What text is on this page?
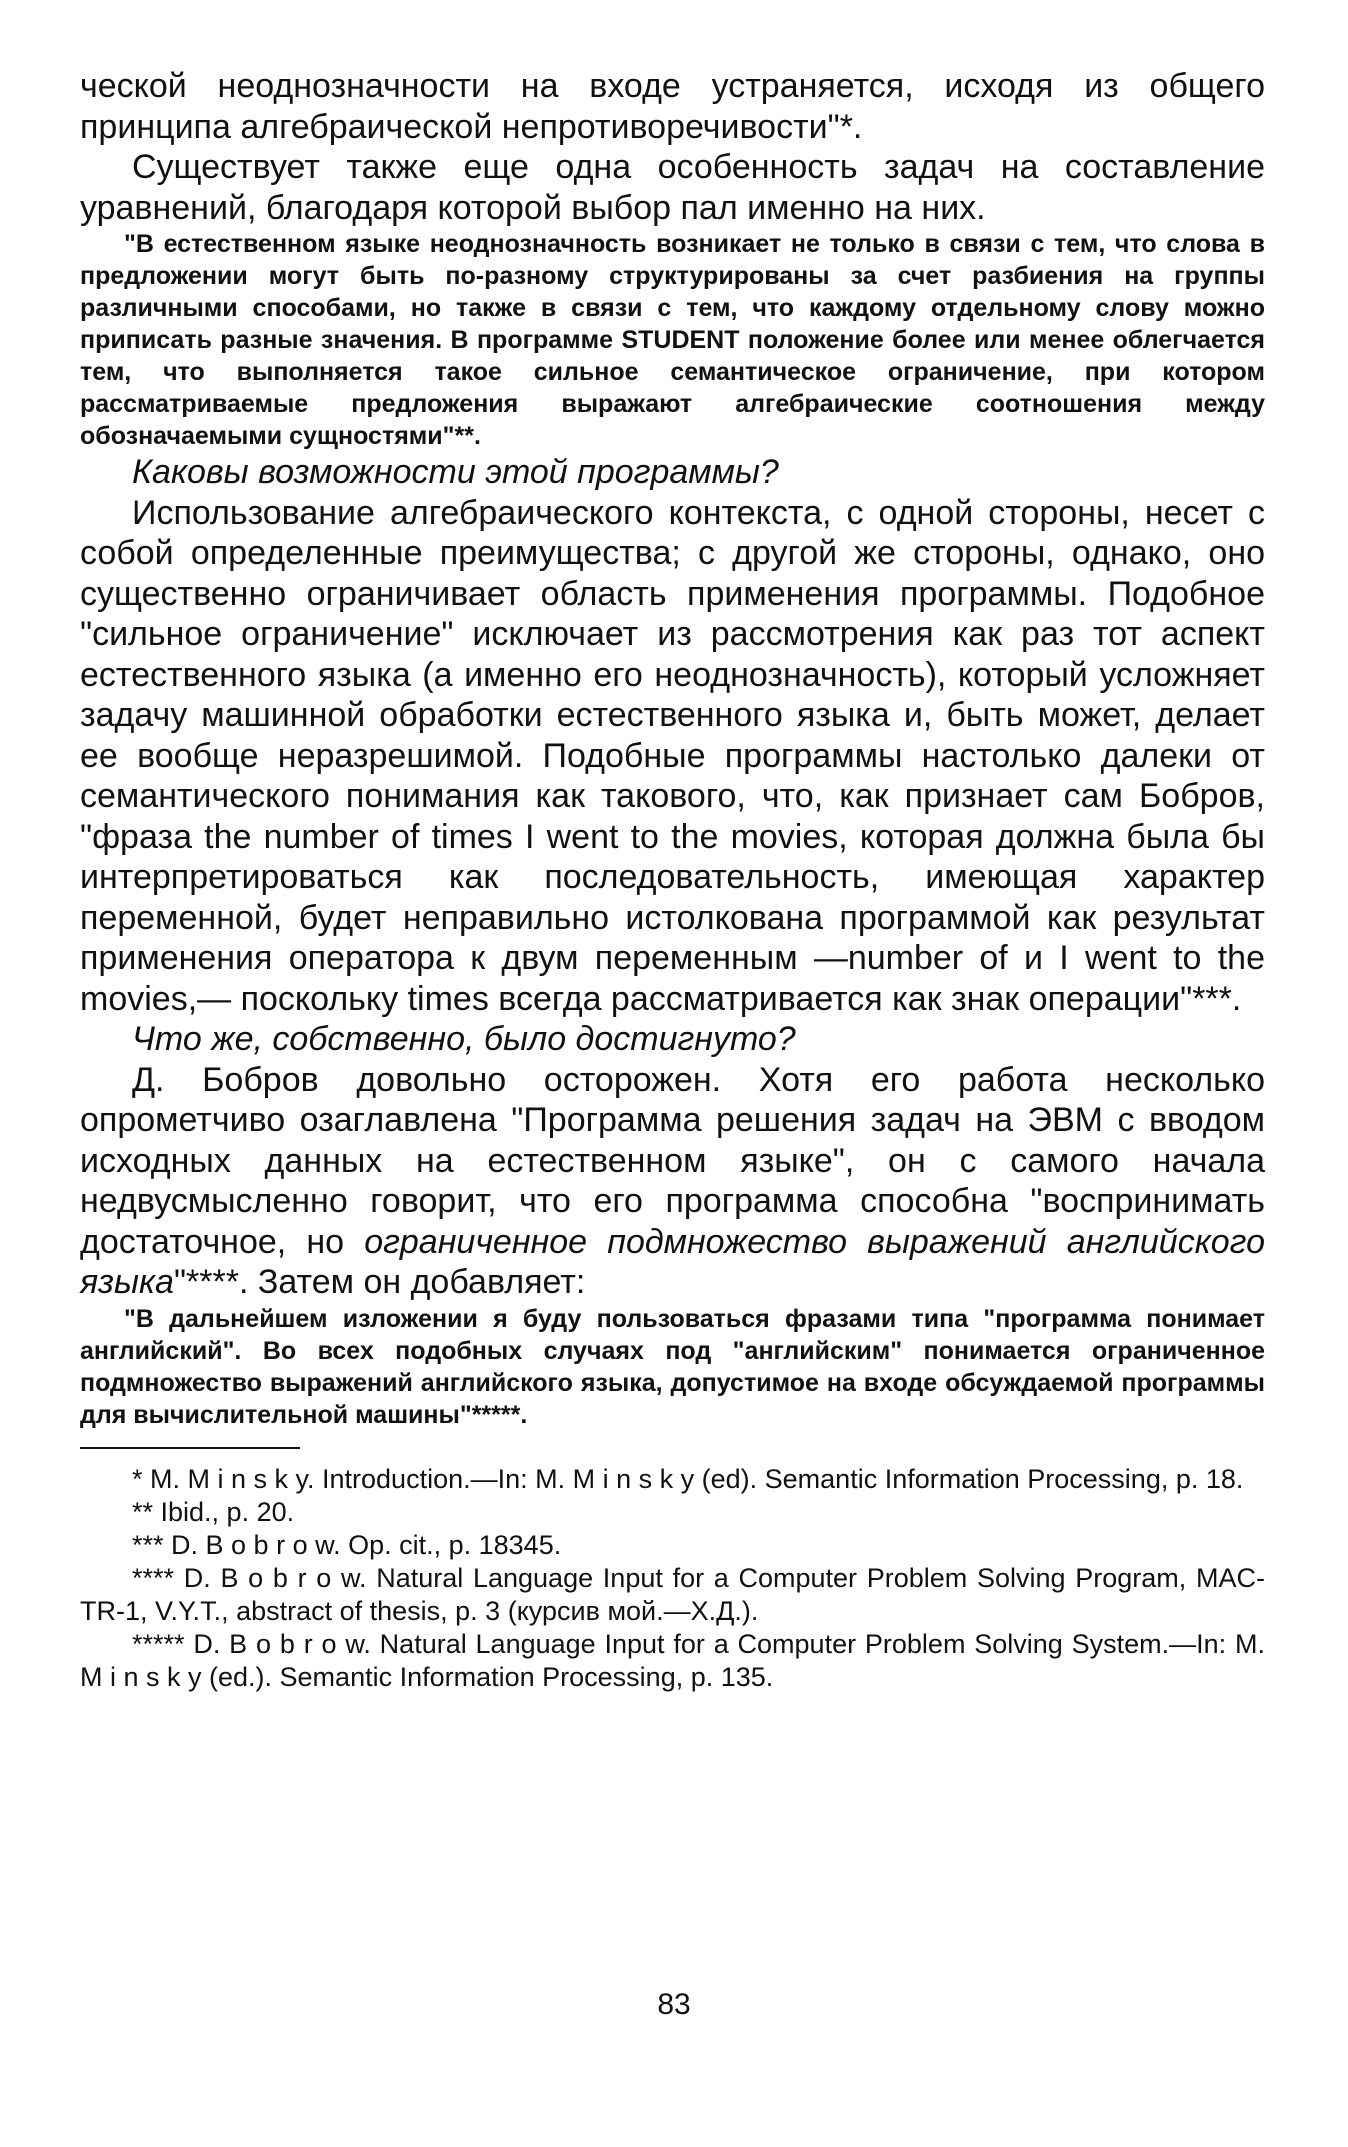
ческой неоднозначности на входе устраняется, исходя из общего принципа алгебраической непротиворечивости"*.

Существует также еще одна особенность задач на составление уравнений, благодаря которой выбор пал именно на них.

"В естественном языке неоднозначность возникает не только в связи с тем, что слова в предложении могут быть по-разному структурированы за счет разбиения на группы различными способами, но также в связи с тем, что каждому отдельному слову можно приписать разные значения. В программе STUDENT положение более или менее облегчается тем, что выполняется такое сильное семантическое ограничение, при котором рассматриваемые предложения выражают алгебраические соотношения между обозначаемыми сущностями"**.

Каковы возможности этой программы?

Использование алгебраического контекста, с одной стороны, несет с собой определенные преимущества; с другой же стороны, однако, оно существенно ограничивает область применения программы. Подобное "сильное ограничение" исключает из рассмотрения как раз тот аспект естественного языка (а именно его неоднозначность), который усложняет задачу машинной обработки естественного языка и, быть может, делает ее вообще неразрешимой. Подобные программы настолько далеки от семантического понимания как такового, что, как признает сам Бобров, "фраза the number of times I went to the movies, которая должна была бы интерпретироваться как последовательность, имеющая характер переменной, будет неправильно истолкована программой как результат применения оператора к двум переменным —number of и I went to the movies,— поскольку times всегда рассматривается как знак операции"***.

Что же, собственно, было достигнуто?

Д. Бобров довольно осторожен. Хотя его работа несколько опрометчиво озаглавлена "Программа решения задач на ЭВМ с вводом исходных данных на естественном языке", он с самого начала недвусмысленно говорит, что его программа способна "воспринимать достаточное, но ограниченное подмножество выражений английского языка"****. Затем он добавляет:

"В дальнейшем изложении я буду пользоваться фразами типа "программа понимает английский". Во всех подобных случаях под "английским" понимается ограниченное подмножество выражений английского языка, допустимое на входе обсуждаемой программы для вычислительной машины"*****.

* M. M i n s k y. Introduction.—In: M. M i n s k y (ed). Semantic Information Processing, p. 18.

** Ibid., p. 20.

*** D. B o b r o w. Op. cit., p. 18345.

**** D. B o b r o w. Natural Language Input for a Computer Problem Solving Program, MAC-TR-1, V.Y.T., abstract of thesis, p. 3 (курсив мой.—Х.Д.).

***** D. B o b r o w. Natural Language Input for a Computer Problem Solving System.—In: M. M i n s k y (ed.). Semantic Information Processing, p. 135.

83
